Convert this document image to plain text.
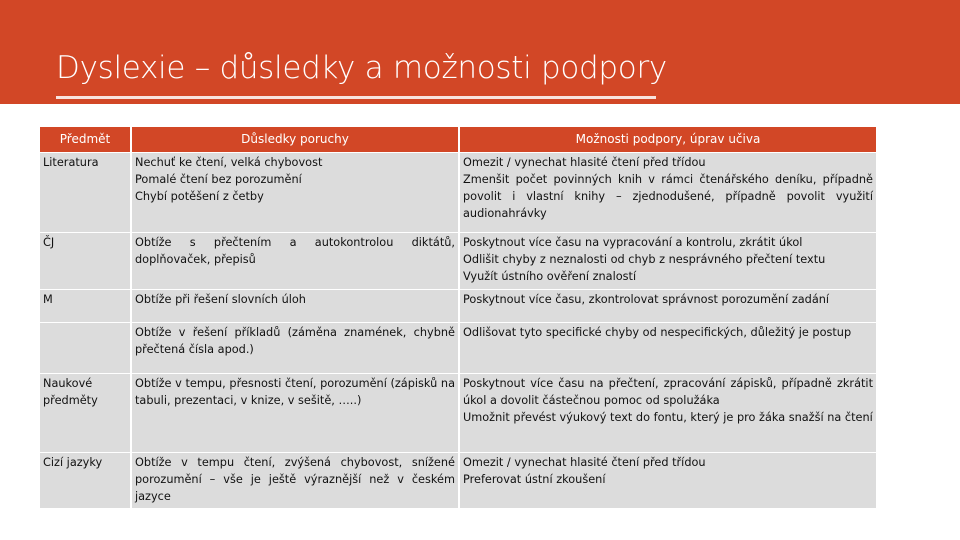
Dyslexie – důsledky a možnosti podpory
Předmět	Důsledky poruchy	Možnosti podpory, úprav učiva

Literatura	Nechuť ke čtení, velká chybovost
Pomalé čtení bez porozumění
Chybí potěšení z četby	Omezit / vynechat hlasité čtení před třídou
Zmenšit počet povinných knih v rámci čtenářského deníku, případně povolit i vlastní knihy – zjednodušené, případně povolit využití audionahrávky

ČJ	Obtíže s přečtením a autokontrolou diktátů, doplňovaček, přepisů	Poskytnout více času na vypracování a kontrolu, zkrátit úkol
Odlišit chyby z neznalosti od chyb z nesprávného přečtení textu
Využít ústního ověření znalostí

M	Obtíže při řešení slovních úloh	Poskytnout více času, zkontrolovat správnost porozumění zadání

	Obtíže v řešení příkladů (záměna znamének, chybně přečtená čísla apod.)	Odlišovat tyto specifické chyby od nespecifických, důležitý je postup

Naukové předměty	Obtíže v tempu, přesnosti čtení, porozumění (zápisků na tabuli, prezentaci, v knize, v sešitě, …..)	Poskytnout více času na přečtení, zpracování zápisků, případně zkrátit úkol a dovolit částečnou pomoc od spolužáka
Umožnit převést výukový text do fontu, který je pro žáka snažší na čtení

Cizí jazyky	Obtíže v tempu čtení, zvýšená chybovost, snížené porozumění – vše je ještě výraznější než v českém jazyce	Omezit / vynechat hlasité čtení před třídou
Preferovat ústní zkoušení
